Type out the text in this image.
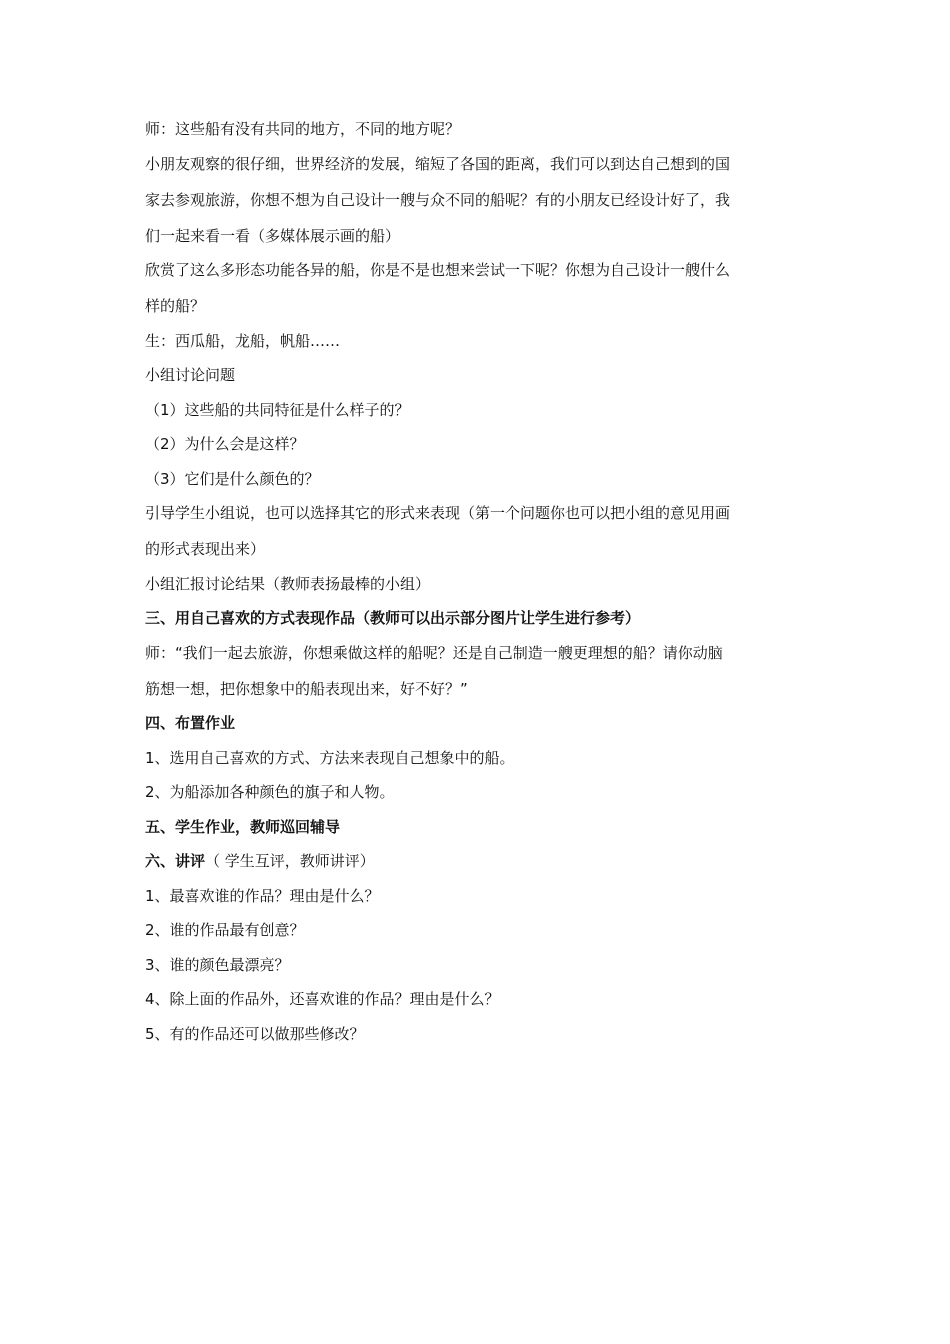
师：这些船有没有共同的地方，不同的地方呢？
小朋友观察的很仔细，世界经济的发展，缩短了各国的距离，我们可以到达自己想到的国
家去参观旅游，你想不想为自己设计一艘与众不同的船呢？有的小朋友已经设计好了，我
们一起来看一看（多媒体展示画的船）
欣赏了这么多形态功能各异的船，你是不是也想来尝试一下呢？你想为自己设计一艘什么
样的船？
生：西瓜船，龙船，帆船……
小组讨论问题
（1）这些船的共同特征是什么样子的？
（2）为什么会是这样？
（3）它们是什么颜色的？
引导学生小组说，也可以选择其它的形式来表现（第一个问题你也可以把小组的意见用画
的形式表现出来）
小组汇报讨论结果（教师表扬最棒的小组）
三、用自己喜欢的方式表现作品（教师可以出示部分图片让学生进行参考）
师：“我们一起去旅游，你想乘做这样的船呢？还是自己制造一艘更理想的船？请你动脑
筋想一想，把你想象中的船表现出来，好不好？”
四、布置作业
1、选用自己喜欢的方式、方法来表现自己想象中的船。
2、为船添加各种颜色的旗子和人物。
五、学生作业，教师巡回辅导
六、讲评（ 学生互评，教师讲评）
1、最喜欢谁的作品？理由是什么？
2、谁的作品最有创意？
3、谁的颜色最漂亮？
4、除上面的作品外，还喜欢谁的作品？理由是什么？
5、有的作品还可以做那些修改？
